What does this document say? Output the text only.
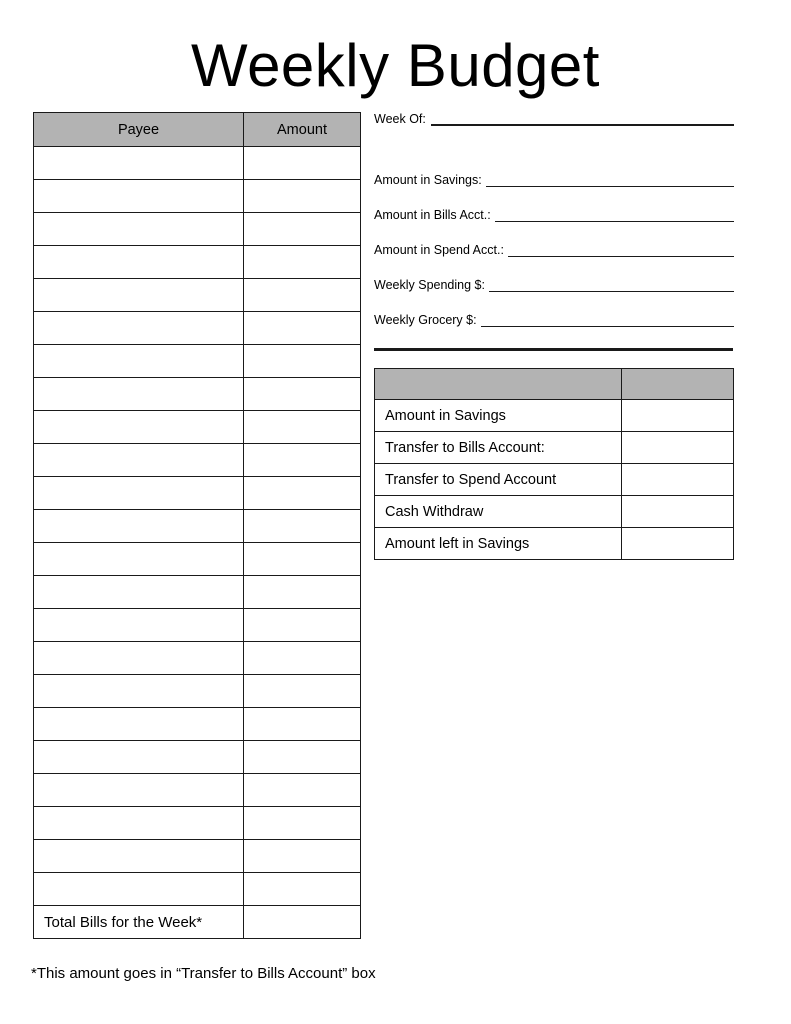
Weekly Budget
Payee	Amount

Total Bills for the Week*	
*This amount goes in “Transfer to Bills Account” box
Week Of:
Amount in Savings:
Amount in Bills Acct.:
Amount in Spend Acct.:
Weekly Spending $:
Weekly Grocery $:

Amount in Savings	
Transfer to Bills Account:	
Transfer to Spend Account	
Cash Withdraw	
Amount left in Savings	
